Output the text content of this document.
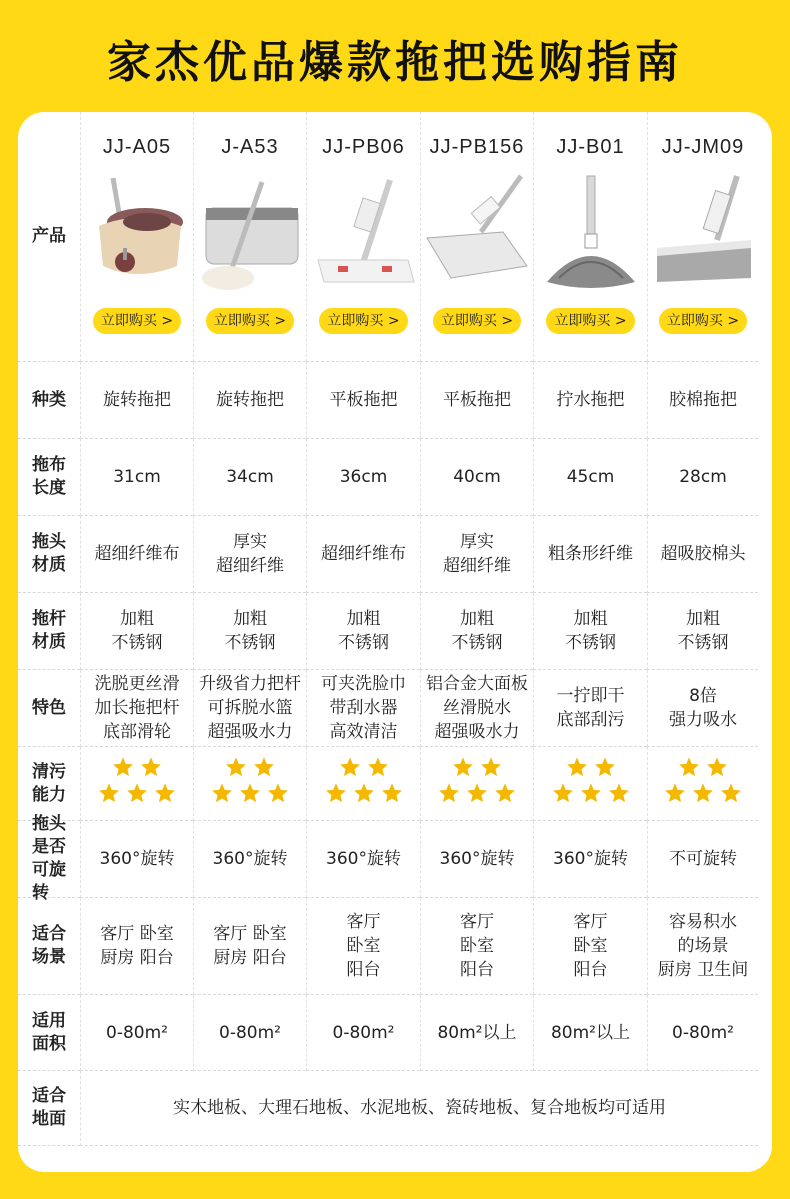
家杰优品爆款拖把选购指南
产品
种类
拖布
长度
拖头
材质
拖杆
材质
特色
清污
能力
拖头
是否
可旋转
适合
场景
适用
面积
适合
地面
JJ-A05
立即购买 >
旋转拖把
31cm
超细纤维布
加粗
不锈钢
洗脱更丝滑
加长拖把杆
底部滑轮
360°旋转
客厅 卧室
厨房 阳台
0-80m²
J-A53
立即购买 >
旋转拖把
34cm
厚实
超细纤维
加粗
不锈钢
升级省力把杆
可拆脱水篮
超强吸水力
360°旋转
客厅 卧室
厨房 阳台
0-80m²
JJ-PB06
立即购买 >
平板拖把
36cm
超细纤维布
加粗
不锈钢
可夹洗脸巾
带刮水器
高效清洁
360°旋转
客厅
卧室
阳台
0-80m²
JJ-PB156
立即购买 >
平板拖把
40cm
厚实
超细纤维
加粗
不锈钢
铝合金大面板
丝滑脱水
超强吸水力
360°旋转
客厅
卧室
阳台
80m²以上
JJ-B01
立即购买 >
拧水拖把
45cm
粗条形纤维
加粗
不锈钢
一拧即干
底部刮污
360°旋转
客厅
卧室
阳台
80m²以上
JJ-JM09
立即购买 >
胶棉拖把
28cm
超吸胶棉头
加粗
不锈钢
8倍
强力吸水
不可旋转
容易积水
的场景
厨房 卫生间
0-80m²
实木地板、大理石地板、水泥地板、瓷砖地板、复合地板均可适用
